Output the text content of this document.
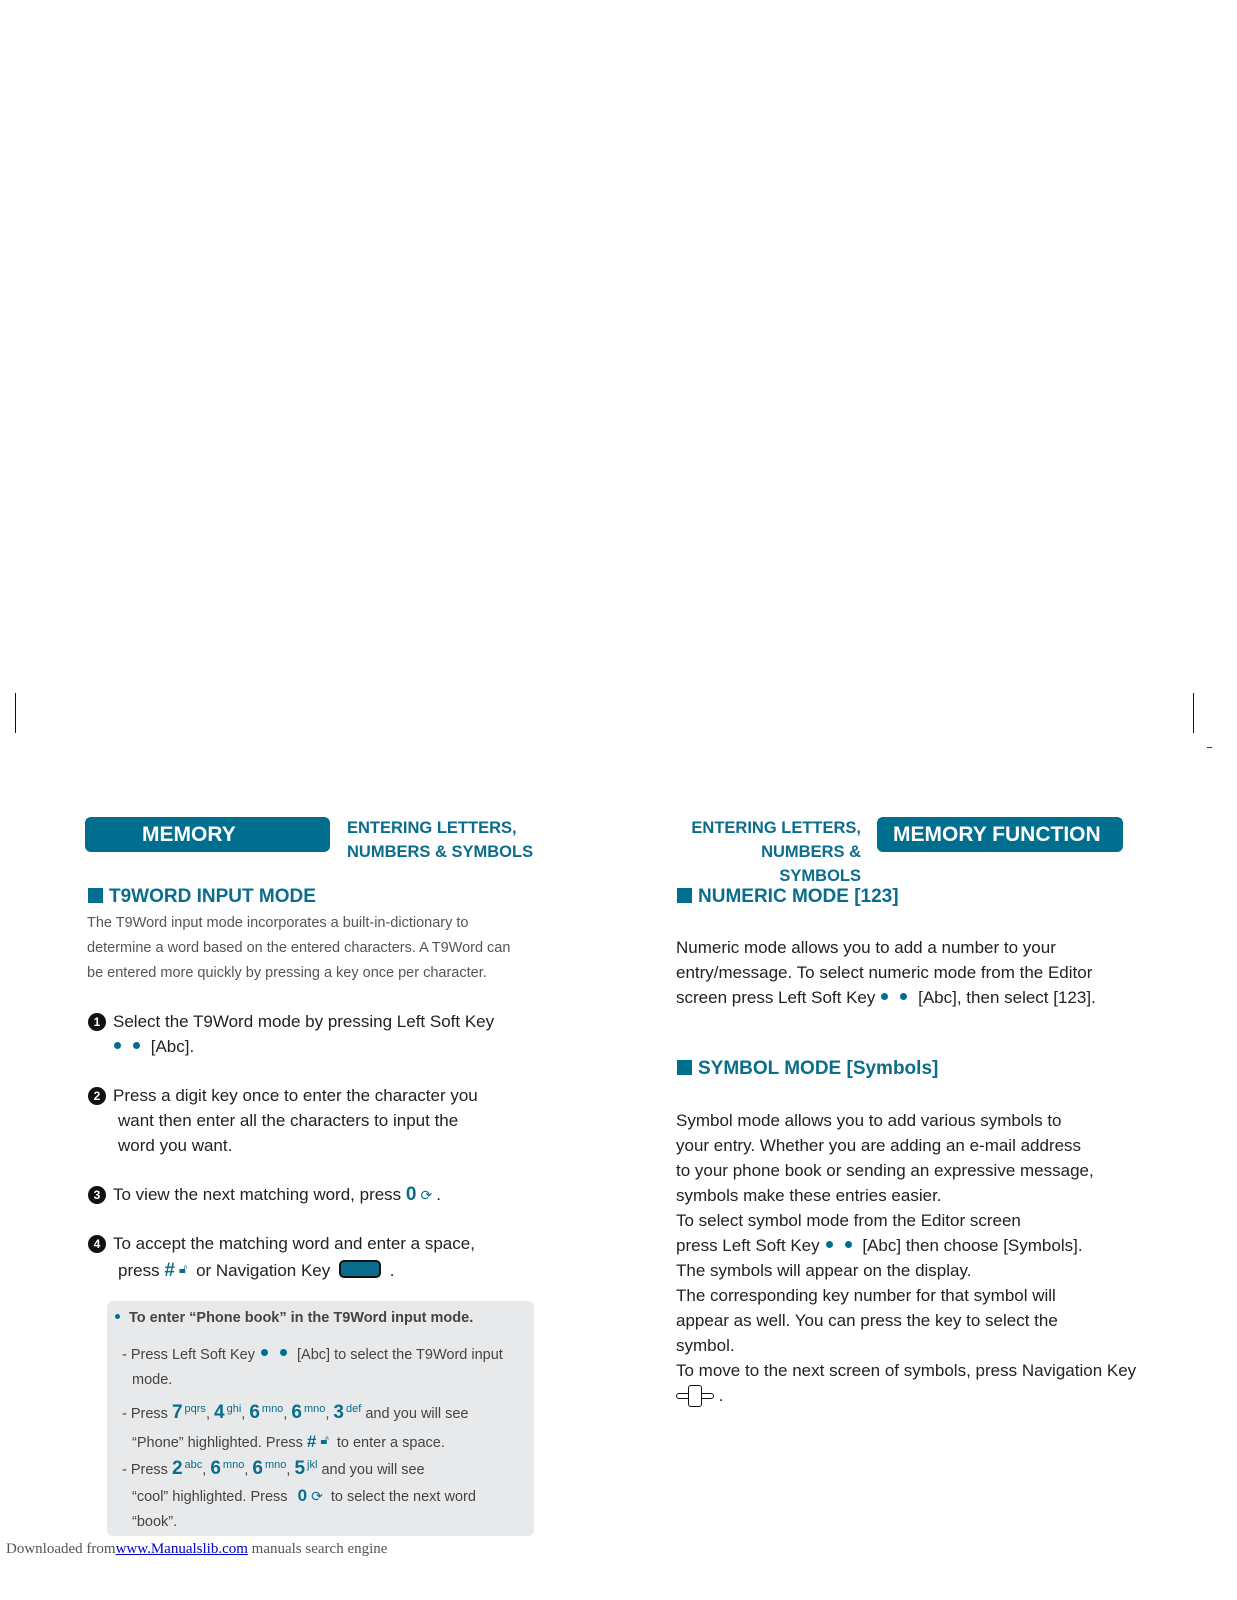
MEMORY FUNCTION
ENTERING LETTERS,
NUMBERS & SYMBOLS
T9WORD INPUT MODE
The T9Word input mode incorporates a built-in-dictionary to
determine a word based on the entered characters. A T9Word can
be entered more quickly by pressing a key once per character.
1 Select the T9Word mode by pressing Left Soft Key
[Abc].
2 Press a digit key once to enter the character you
want then enter all the characters to input the
word you want.
3 To view the next matching word, press 0 ⟳ .
4 To accept the matching word and enter a space,
press # 🔓︎ or Navigation Key	.
To enter “Phone book” in the T9Word input mode.
- Press Left Soft Key	[Abc] to select the T9Word input
mode.
- Press 7 $^{pqrs}$, 4 $^{ghi}$, 6 $^{mno}$, 6 $^{mno}$, 3 $^{def}$ and you will see
“Phone” highlighted. Press # 🔓︎ to enter a space.
- Press 2 $^{abc}$, 6 $^{mno}$, 6 $^{mno}$, 5 $^{jkl}$ and you will see
“cool” highlighted. Press 0 ⟳ to select the next word
“book”.
ENTERING LETTERS,
NUMBERS & SYMBOLS
MEMORY FUNCTION
NUMERIC MODE [123]
Numeric mode allows you to add a number to your
entry/message. To select numeric mode from the Editor
screen press Left Soft Key	[Abc], then select [123].
SYMBOL MODE [Symbols]
Symbol mode allows you to add various symbols to
your entry. Whether you are adding an e-mail address
to your phone book or sending an expressive message,
symbols make these entries easier.
To select symbol mode from the Editor screen
press Left Soft Key	[Abc] then choose [Symbols].
The symbols will appear on the display.
The corresponding key number for that symbol will
appear as well. You can press the key to select the
symbol.
To move to the next screen of symbols, press Navigation Key
.
Downloaded fromwww.Manualslib.com manuals search engine
